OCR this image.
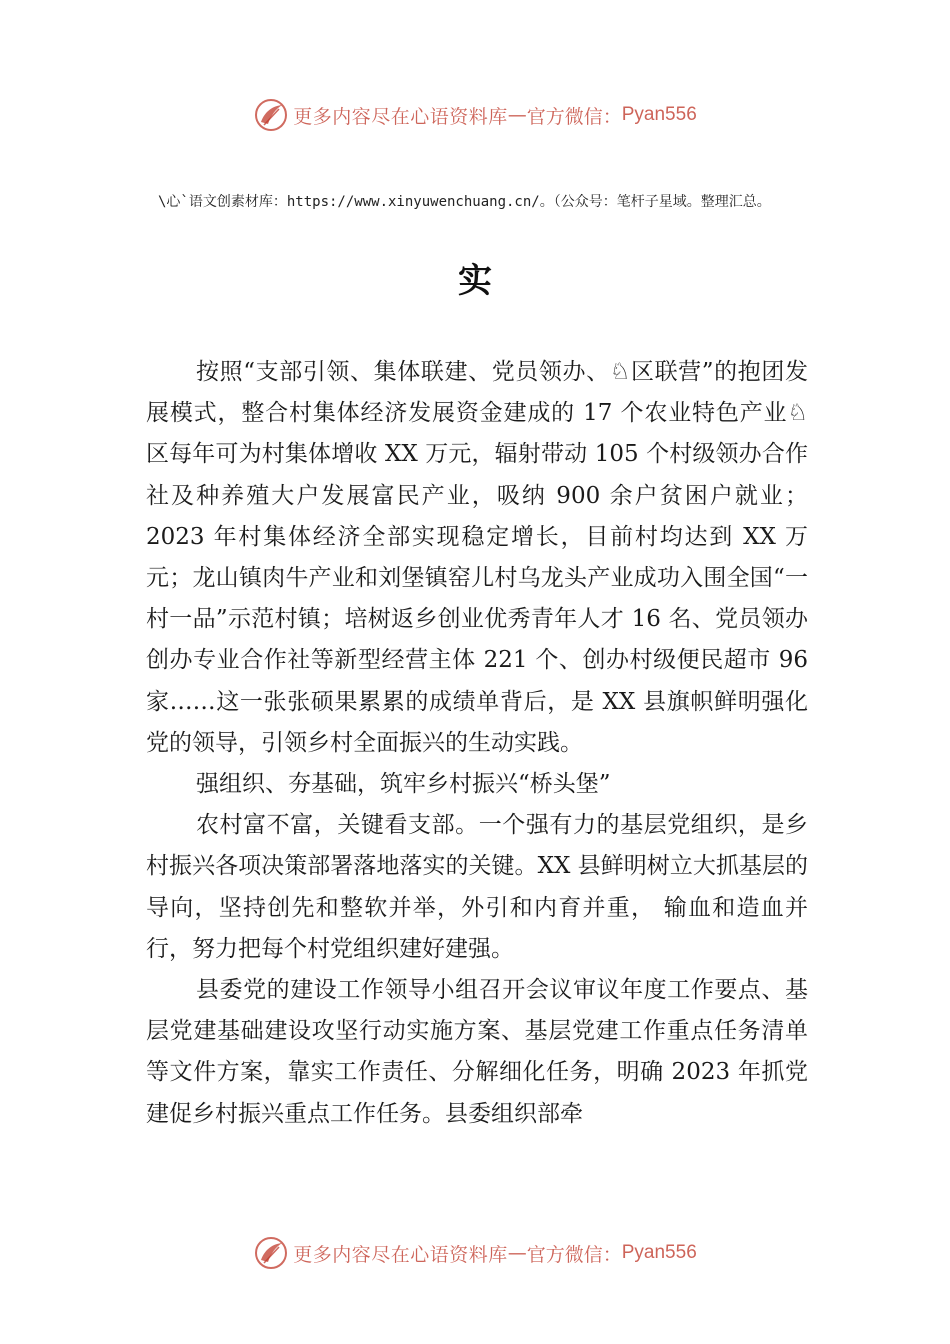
更多内容尽在心语资料库 — 官方微信： Pyan556
\心`语文创素材库：https://www.xinyuwenchuang.cn/。（公众号：笔杆子星域。整理汇总。
实

按照“支部引领、集体联建、党员领办、♘区联营”的抱团发展模式，整合村集体经济发展资金建成的 17 个农业特色产业♘区每年可为村集体增收 XX 万元，辐射带动 105 个村级领办合作社及种养殖大户发展富民产业，吸纳 900 余户贫困户就业；2023 年村集体经济全部实现稳定增长，目前村均达到 XX 万元；龙山镇肉牛产业和刘堡镇窑儿村乌龙头产业成功入围全国“一村一品”示范村镇；培树返乡创业优秀青年人才 16 名、党员领办创办专业合作社等新型经营主体 221 个、创办村级便民超市 96 家……这一张张硕果累累的成绩单背后，是 XX 县旗帜鲜明强化党的领导，引领乡村全面振兴的生动实践。

强组织、夯基础，筑牢乡村振兴“桥头堡”

农村富不富，关键看支部。一个强有力的基层党组织，是乡村振兴各项决策部署落地落实的关键。XX 县鲜明树立大抓基层的导向，坚持创先和整软并举，外引和内育并重， 输血和造血并行，努力把每个村党组织建好建强。

县委党的建设工作领导小组召开会议审议年度工作要点、基层党建基础建设攻坚行动实施方案、基层党建工作重点任务清单等文件方案，靠实工作责任、分解细化任务，明确 2023 年抓党建促乡村振兴重点工作任务。县委组织部牵

更多内容尽在心语资料库 — 官方微信： Pyan556
